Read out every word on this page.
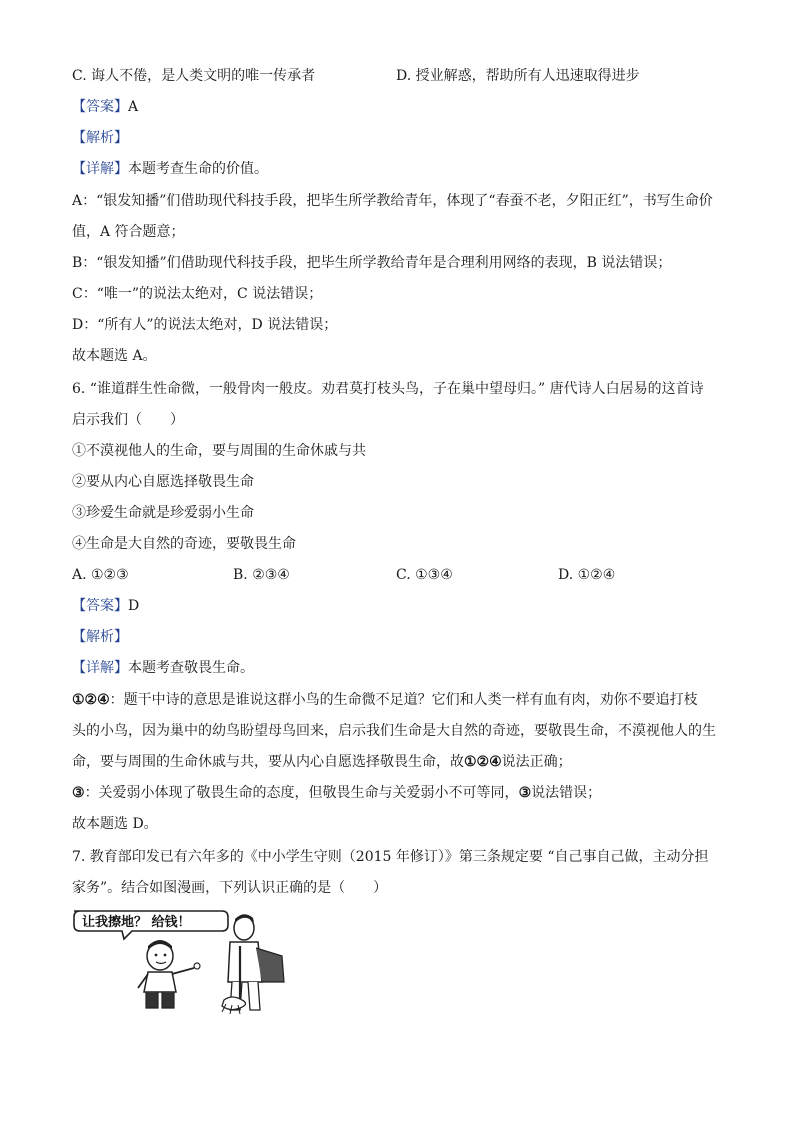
C. 诲人不倦，是人类文明的唯一传承者	D. 授业解惑，帮助所有人迅速取得进步
【答案】A
【解析】
【详解】本题考查生命的价值。
A：“银发知播”们借助现代科技手段，把毕生所学教给青年，体现了“春蚕不老，夕阳正红”，书写生命价
值，A 符合题意；
B：“银发知播”们借助现代科技手段，把毕生所学教给青年是合理利用网络的表现，B 说法错误；
C：“唯一”的说法太绝对，C 说法错误；
D：“所有人”的说法太绝对，D 说法错误；
故本题选 A。
6. “谁道群生性命微，一般骨肉一般皮。劝君莫打枝头鸟，子在巢中望母归。” 唐代诗人白居易的这首诗
启示我们（　　）
①不漠视他人的生命，要与周围的生命休戚与共
②要从内心自愿选择敬畏生命
③珍爱生命就是珍爱弱小生命
④生命是大自然的奇迹，要敬畏生命
A. ①②③	B. ②③④	C. ①③④	D. ①②④
【答案】D
【解析】
【详解】本题考查敬畏生命。
①②④：题干中诗的意思是谁说这群小鸟的生命微不足道？它们和人类一样有血有肉，劝你不要追打枝
头的小鸟，因为巢中的幼鸟盼望母鸟回来，启示我们生命是大自然的奇迹，要敬畏生命，不漠视他人的生
命，要与周围的生命休戚与共，要从内心自愿选择敬畏生命，故①②④说法正确；
③：关爱弱小体现了敬畏生命的态度，但敬畏生命与关爱弱小不可等同，③说法错误；
故本题选 D。
7. 教育部印发已有六年多的《中小学生守则（2015 年修订）》第三条规定要 “自己事自己做，主动分担
家务”。结合如图漫画，下列认识正确的是（　　）
让我擦地？ 给钱！
